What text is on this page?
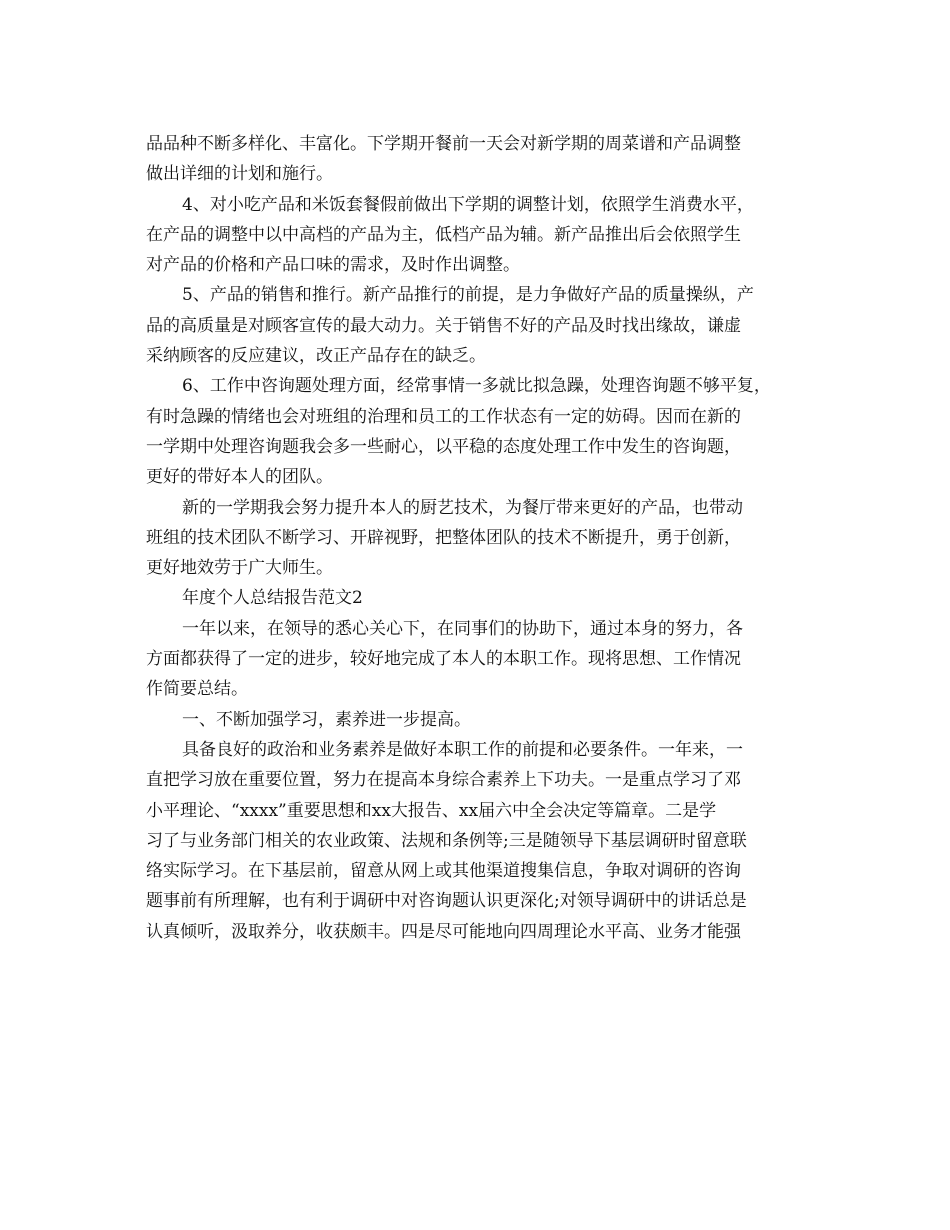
品品种不断多样化、丰富化。下学期开餐前一天会对新学期的周菜谱和产品调整
做出详细的计划和施行。
4、对小吃产品和米饭套餐假前做出下学期的调整计划，依照学生消费水平，
在产品的调整中以中高档的产品为主，低档产品为辅。新产品推出后会依照学生
对产品的价格和产品口味的需求，及时作出调整。
5、产品的销售和推行。新产品推行的前提，是力争做好产品的质量操纵，产
品的高质量是对顾客宣传的最大动力。关于销售不好的产品及时找出缘故，谦虚
采纳顾客的反应建议，改正产品存在的缺乏。
6、工作中咨询题处理方面，经常事情一多就比拟急躁，处理咨询题不够平复，
有时急躁的情绪也会对班组的治理和员工的工作状态有一定的妨碍。因而在新的
一学期中处理咨询题我会多一些耐心，以平稳的态度处理工作中发生的咨询题，
更好的带好本人的团队。
新的一学期我会努力提升本人的厨艺技术，为餐厅带来更好的产品，也带动
班组的技术团队不断学习、开辟视野，把整体团队的技术不断提升，勇于创新，
更好地效劳于广大师生。
年度个人总结报告范文2
一年以来，在领导的悉心关心下，在同事们的协助下，通过本身的努力，各
方面都获得了一定的进步，较好地完成了本人的本职工作。现将思想、工作情况
作简要总结。
一、不断加强学习，素养进一步提高。
具备良好的政治和业务素养是做好本职工作的前提和必要条件。一年来，一
直把学习放在重要位置，努力在提高本身综合素养上下功夫。一是重点学习了邓
小平理论、“xxxx”重要思想和xx大报告、xx届六中全会决定等篇章。二是学
习了与业务部门相关的农业政策、法规和条例等;三是随领导下基层调研时留意联
络实际学习。在下基层前，留意从网上或其他渠道搜集信息，争取对调研的咨询
题事前有所理解，也有利于调研中对咨询题认识更深化;对领导调研中的讲话总是
认真倾听，汲取养分，收获颇丰。四是尽可能地向四周理论水平高、业务才能强
